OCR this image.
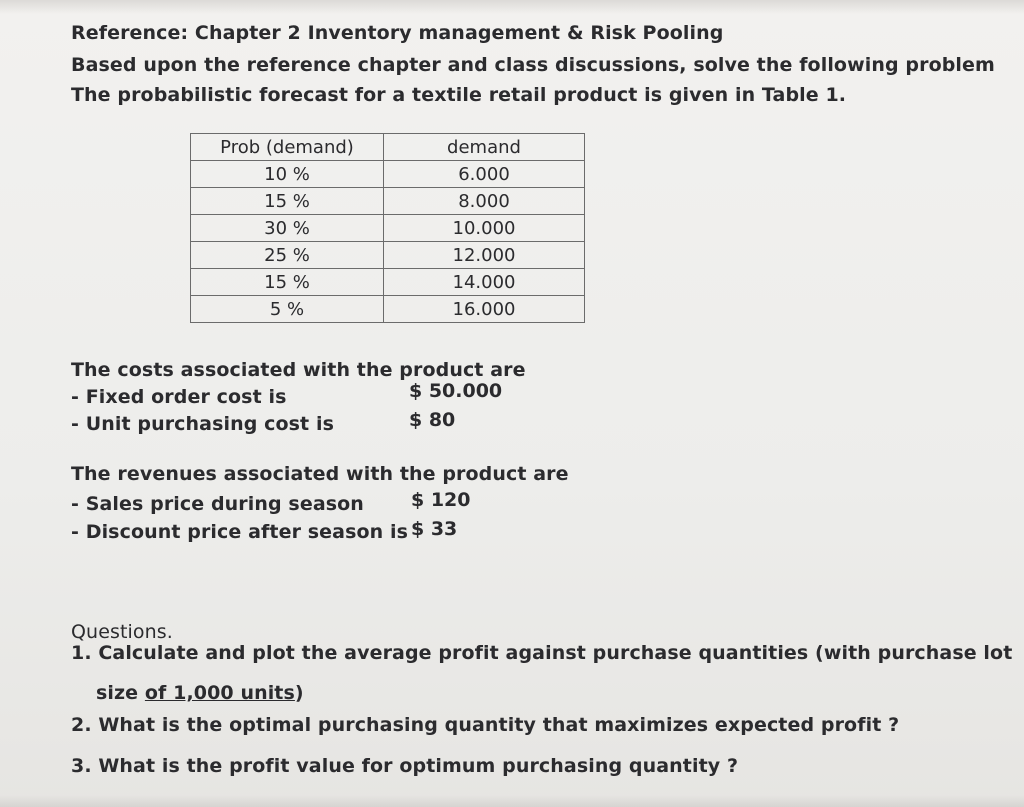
Reference: Chapter 2 Inventory management & Risk Pooling
Based upon the reference chapter and class discussions, solve the following problem
The probabilistic forecast for a textile retail product is given in Table 1.
Prob (demand)	demand
10 %	6.000
15 %	8.000
30 %	10.000
25 %	12.000
15 %	14.000
5 %	16.000
The costs associated with the product are
- Fixed order cost is	$ 50.000
- Unit purchasing cost is	$ 80
The revenues associated with the product are
- Sales price during season $ 120
- Discount price after season is $ 33
Questions.
1. Calculate and plot the average profit against purchase quantities (with purchase lot
size of 1,000 units)
2. What is the optimal purchasing quantity that maximizes expected profit ?
3. What is the profit value for optimum purchasing quantity ?
